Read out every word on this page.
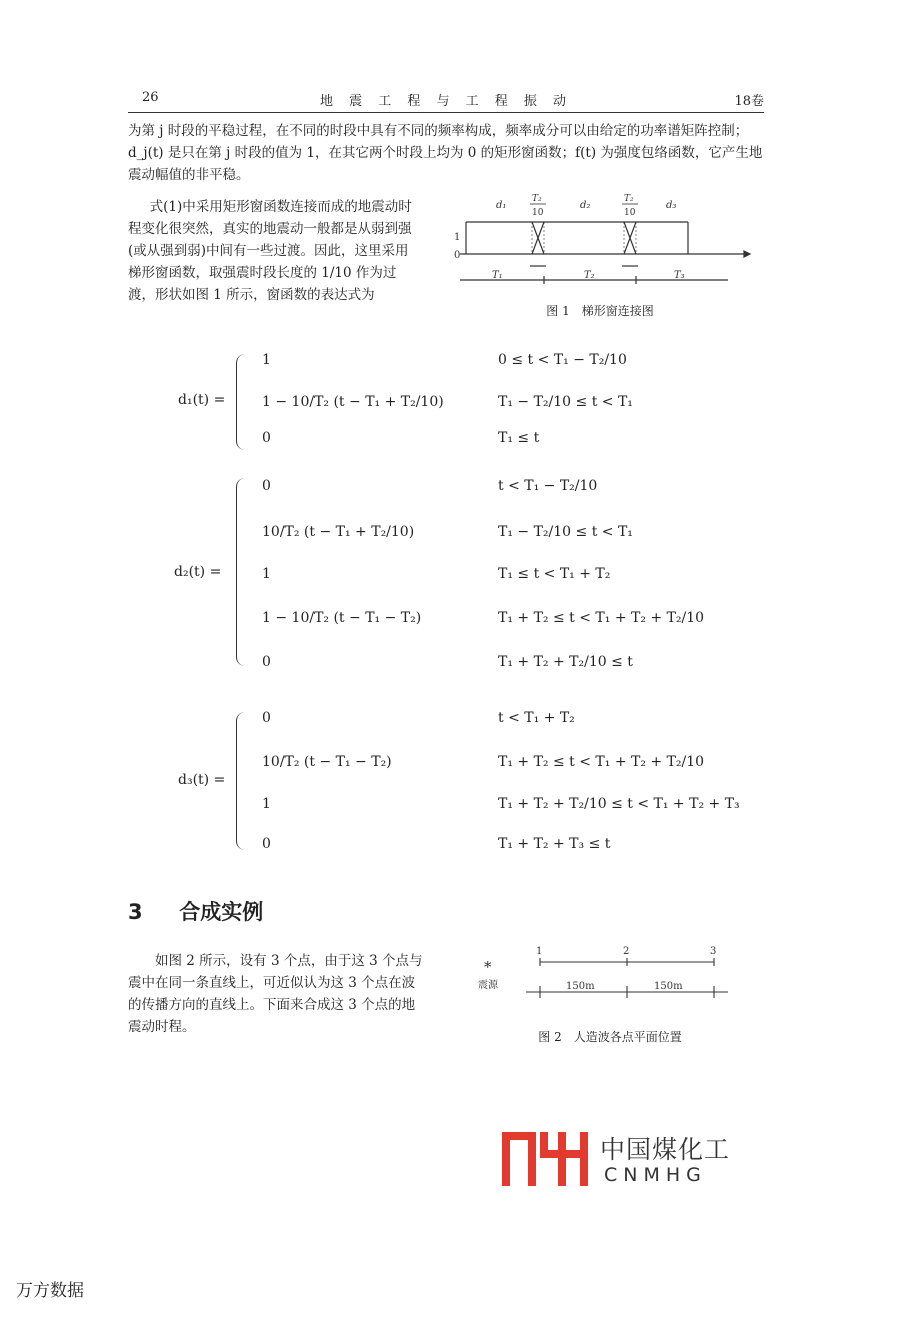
26	地 震 工 程 与 工 程 振 动	18卷
为第 j 时段的平稳过程，在不同的时段中具有不同的频率构成，频率成分可以由给定的功率谱矩阵控制；d_j(t) 是只在第 j 时段的值为 1，在其它两个时段上均为 0 的矩形窗函数；f(t) 为强度包络函数，它产生地震动幅值的非平稳。
式(1)中采用矩形窗函数连接而成的地震动时程变化很突然，真实的地震动一般都是从弱到强(或从强到弱)中间有一些过渡。因此，这里采用梯形窗函数，取强震时段长度的 1/10 作为过渡，形状如图 1 所示，窗函数的表达式为
d₁	d₂	d₃
T₂
10
T₂
10
1
0
T₁	T₂	T₃
图 1　梯形窗连接图
d₁(t) =
1	0 ≤ t < T₁ − T₂/10
1 − 10/T₂ (t − T₁ + T₂/10)	T₁ − T₂/10 ≤ t < T₁
0	T₁ ≤ t
d₂(t) =
0	t < T₁ − T₂/10
10/T₂ (t − T₁ + T₂/10)	T₁ − T₂/10 ≤ t < T₁
1	T₁ ≤ t < T₁ + T₂
1 − 10/T₂ (t − T₁ − T₂)	T₁ + T₂ ≤ t < T₁ + T₂ + T₂/10
0	T₁ + T₂ + T₂/10 ≤ t
d₃(t) =
0	t < T₁ + T₂
10/T₂ (t − T₁ − T₂)	T₁ + T₂ ≤ t < T₁ + T₂ + T₂/10
1	T₁ + T₂ + T₂/10 ≤ t < T₁ + T₂ + T₃
0	T₁ + T₂ + T₃ ≤ t
3 合成实例
如图 2 所示，设有 3 个点，由于这 3 个点与震中在同一条直线上，可近似认为这 3 个点在波的传播方向的直线上。下面来合成这 3 个点的地震动时程。
1	2	3
150m	150m
*
震源
图 2　人造波各点平面位置
中国煤化工
CNMHG
万方数据
